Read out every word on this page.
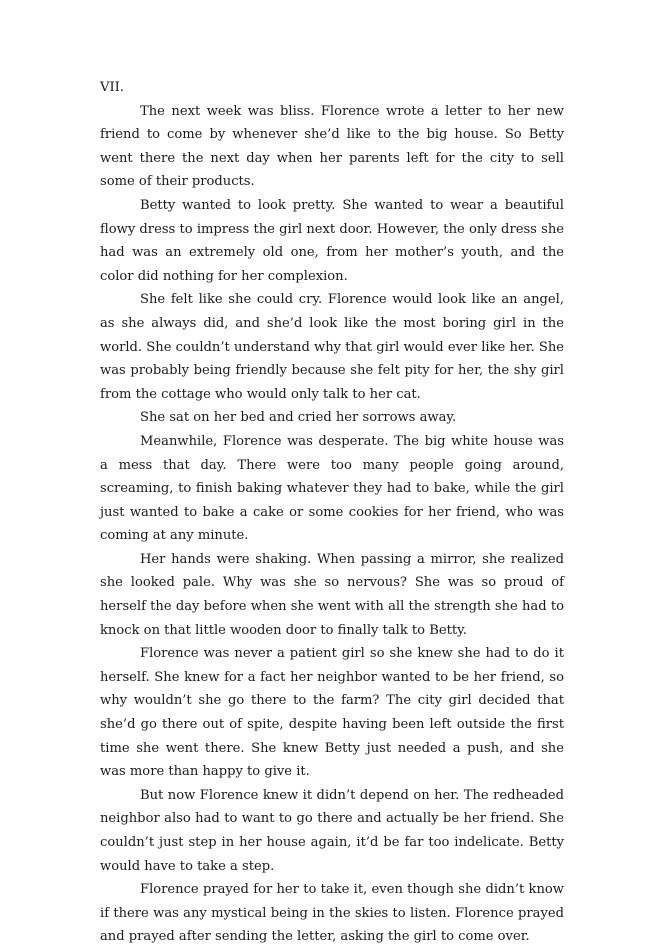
VII.

The next week was bliss. Florence wrote a letter to her new friend to come by whenever she’d like to the big house. So Betty went there the next day when her parents left for the city to sell some of their products.

Betty wanted to look pretty. She wanted to wear a beautiful flowy dress to impress the girl next door. However, the only dress she had was an extremely old one, from her mother’s youth, and the color did nothing for her complexion.

She felt like she could cry. Florence would look like an angel, as she always did, and she’d look like the most boring girl in the world. She couldn’t understand why that girl would ever like her. She was probably being friendly because she felt pity for her, the shy girl from the cottage who would only talk to her cat.

She sat on her bed and cried her sorrows away.

Meanwhile, Florence was desperate. The big white house was a mess that day. There were too many people going around, screaming, to finish baking whatever they had to bake, while the girl just wanted to bake a cake or some cookies for her friend, who was coming at any minute.

Her hands were shaking. When passing a mirror, she realized she looked pale. Why was she so nervous? She was so proud of herself the day before when she went with all the strength she had to knock on that little wooden door to finally talk to Betty.

Florence was never a patient girl so she knew she had to do it herself. She knew for a fact her neighbor wanted to be her friend, so why wouldn’t she go there to the farm? The city girl decided that she’d go there out of spite, despite having been left outside the first time she went there. She knew Betty just needed a push, and she was more than happy to give it.

But now Florence knew it didn’t depend on her. The redheaded neighbor also had to want to go there and actually be her friend. She couldn’t just step in her house again, it’d be far too indelicate. Betty would have to take a step.

Florence prayed for her to take it, even though she didn’t know if there was any mystical being in the skies to listen. Florence prayed and prayed after sending the letter, asking the girl to come over.
